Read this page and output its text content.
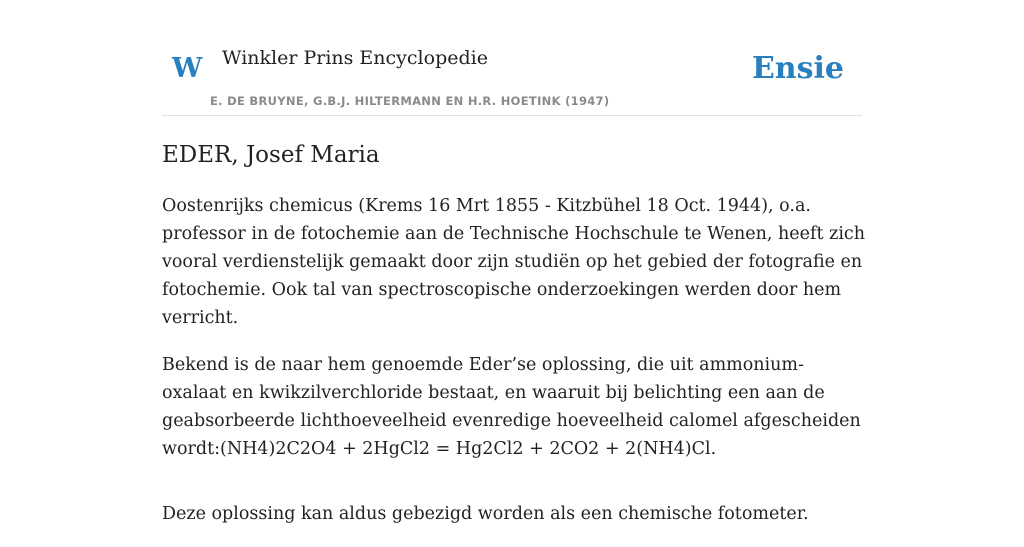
W Winkler Prins Encyclopedie
E. DE BRUYNE, G.B.J. HILTERMANN EN H.R. HOETINK (1947)
Ensie
EDER, Josef Maria

Oostenrijks chemicus (Krems 16 Mrt 1855 - Kitzbühel 18 Oct. 1944), o.a. professor in de fotochemie aan de Technische Hochschule te Wenen, heeft zich vooral verdienstelijk gemaakt door zijn studiën op het gebied der fotografie en fotochemie. Ook tal van spectroscopische onderzoekingen werden door hem verricht.

Bekend is de naar hem genoemde Eder’se oplossing, die uit ammonium-oxalaat en kwikzilverchloride bestaat, en waaruit bij belichting een aan de geabsorbeerde lichthoeveelheid evenredige hoeveelheid calomel afgescheiden wordt:(NH4)2C2O4 + 2HgCl2 = Hg2Cl2 + 2CO2 + 2(NH4)Cl.

Deze oplossing kan aldus gebezigd worden als een chemische fotometer.
